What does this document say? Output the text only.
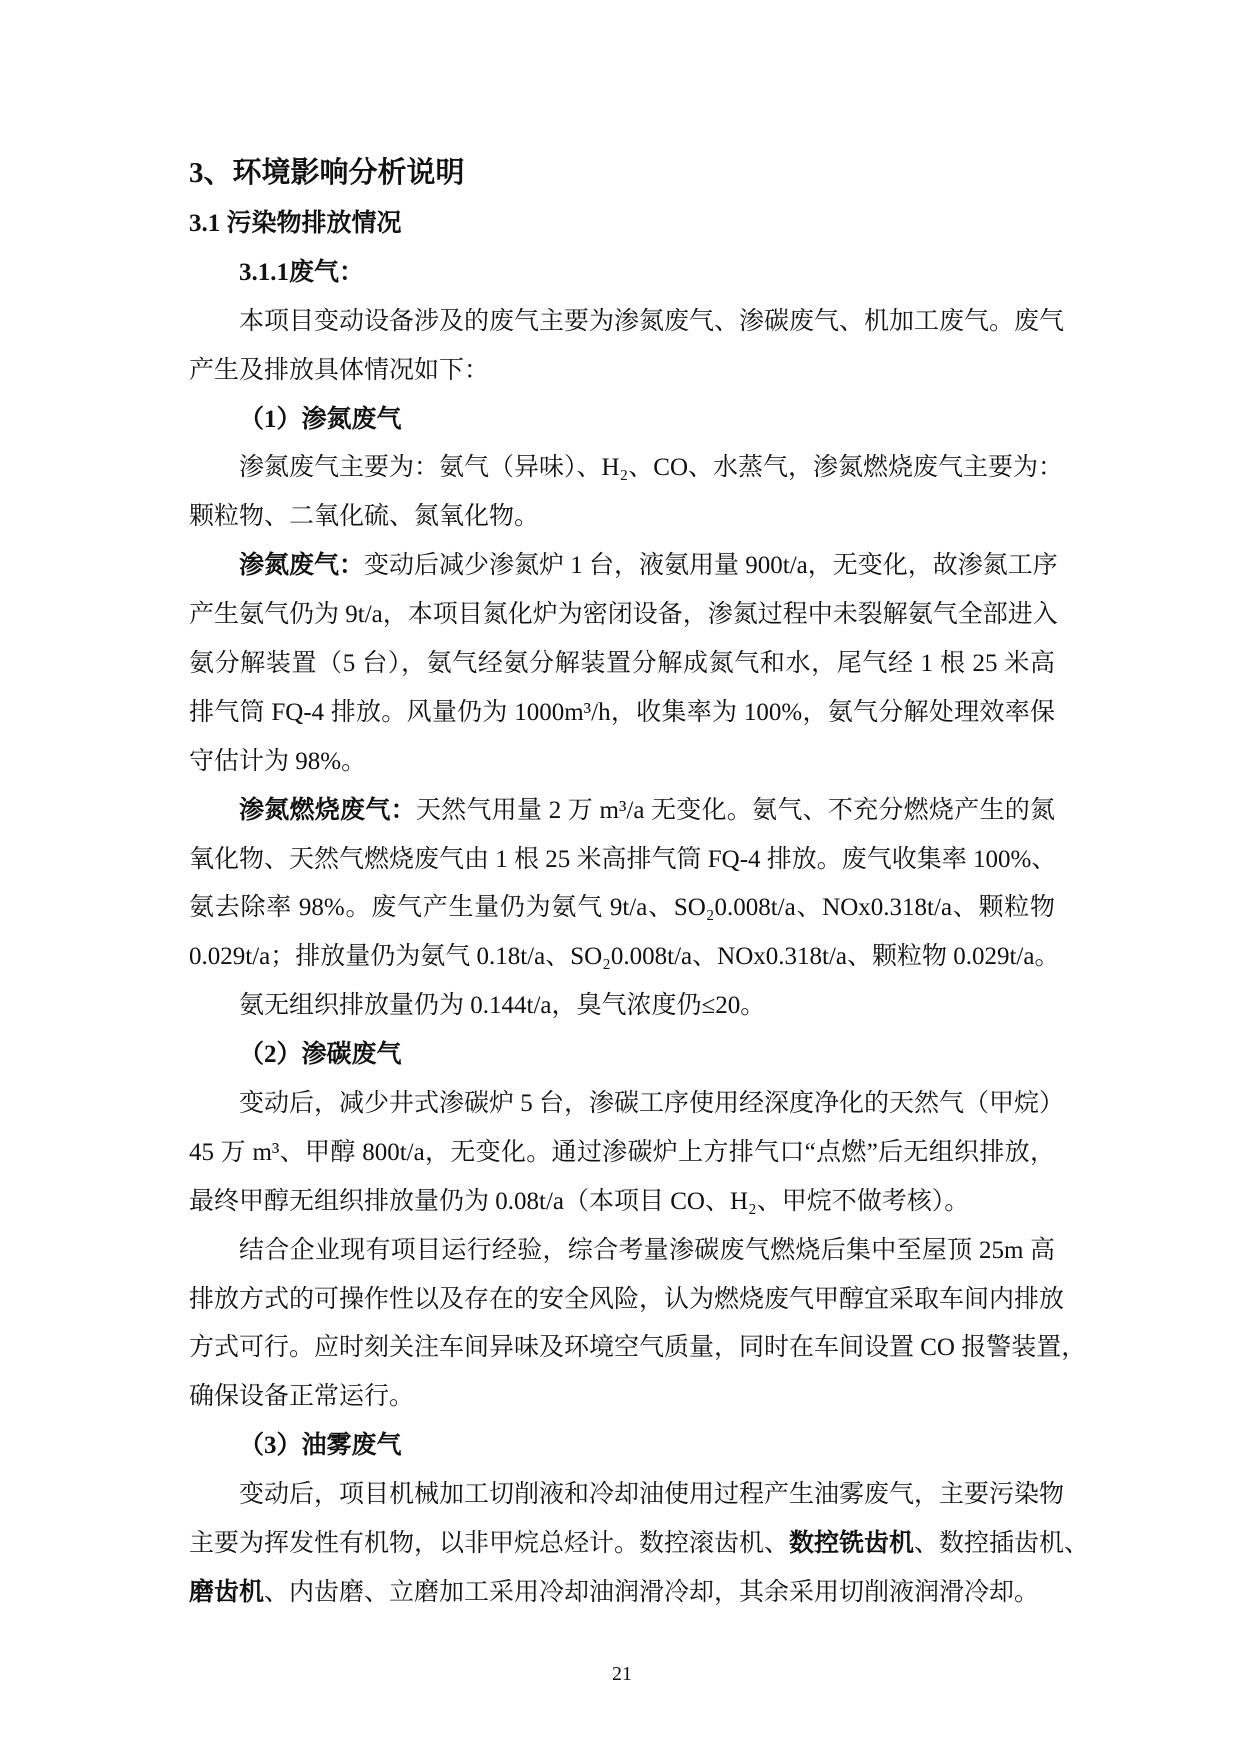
3、环境影响分析说明
3.1 污染物排放情况
3.1.1废气：
本项目变动设备涉及的废气主要为渗氮废气、渗碳废气、机加工废气。废气
产生及排放具体情况如下：
（1）渗氮废气
渗氮废气主要为：氨气（异味）、H₂、CO、水蒸气，渗氮燃烧废气主要为：
颗粒物、二氧化硫、氮氧化物。
渗氮废气：变动后减少渗氮炉 1 台，液氨用量 900t/a，无变化，故渗氮工序
产生氨气仍为 9t/a，本项目氮化炉为密闭设备，渗氮过程中未裂解氨气全部进入
氨分解装置（5 台），氨气经氨分解装置分解成氮气和水，尾气经 1 根 25 米高
排气筒 FQ-4 排放。风量仍为 1000m³/h，收集率为 100%，氨气分解处理效率保
守估计为 98%。
渗氮燃烧废气：天然气用量 2 万 m³/a 无变化。氨气、不充分燃烧产生的氮
氧化物、天然气燃烧废气由 1 根 25 米高排气筒 FQ-4 排放。废气收集率 100%、
氨去除率 98%。废气产生量仍为氨气 9t/a、SO₂0.008t/a、NOx0.318t/a、颗粒物
0.029t/a；排放量仍为氨气 0.18t/a、SO₂0.008t/a、NOx0.318t/a、颗粒物 0.029t/a。
氨无组织排放量仍为 0.144t/a，臭气浓度仍≤20。
（2）渗碳废气
变动后，减少井式渗碳炉 5 台，渗碳工序使用经深度净化的天然气（甲烷）
45 万 m³、甲醇 800t/a，无变化。通过渗碳炉上方排气口“点燃”后无组织排放，
最终甲醇无组织排放量仍为 0.08t/a（本项目 CO、H₂、甲烷不做考核）。
结合企业现有项目运行经验，综合考量渗碳废气燃烧后集中至屋顶 25m 高
排放方式的可操作性以及存在的安全风险，认为燃烧废气甲醇宜采取车间内排放
方式可行。应时刻关注车间异味及环境空气质量，同时在车间设置 CO 报警装置，
确保设备正常运行。
（3）油雾废气
变动后，项目机械加工切削液和冷却油使用过程产生油雾废气，主要污染物
主要为挥发性有机物，以非甲烷总烃计。数控滚齿机、数控铣齿机、数控插齿机、
磨齿机、内齿磨、立磨加工采用冷却油润滑冷却，其余采用切削液润滑冷却。
21
